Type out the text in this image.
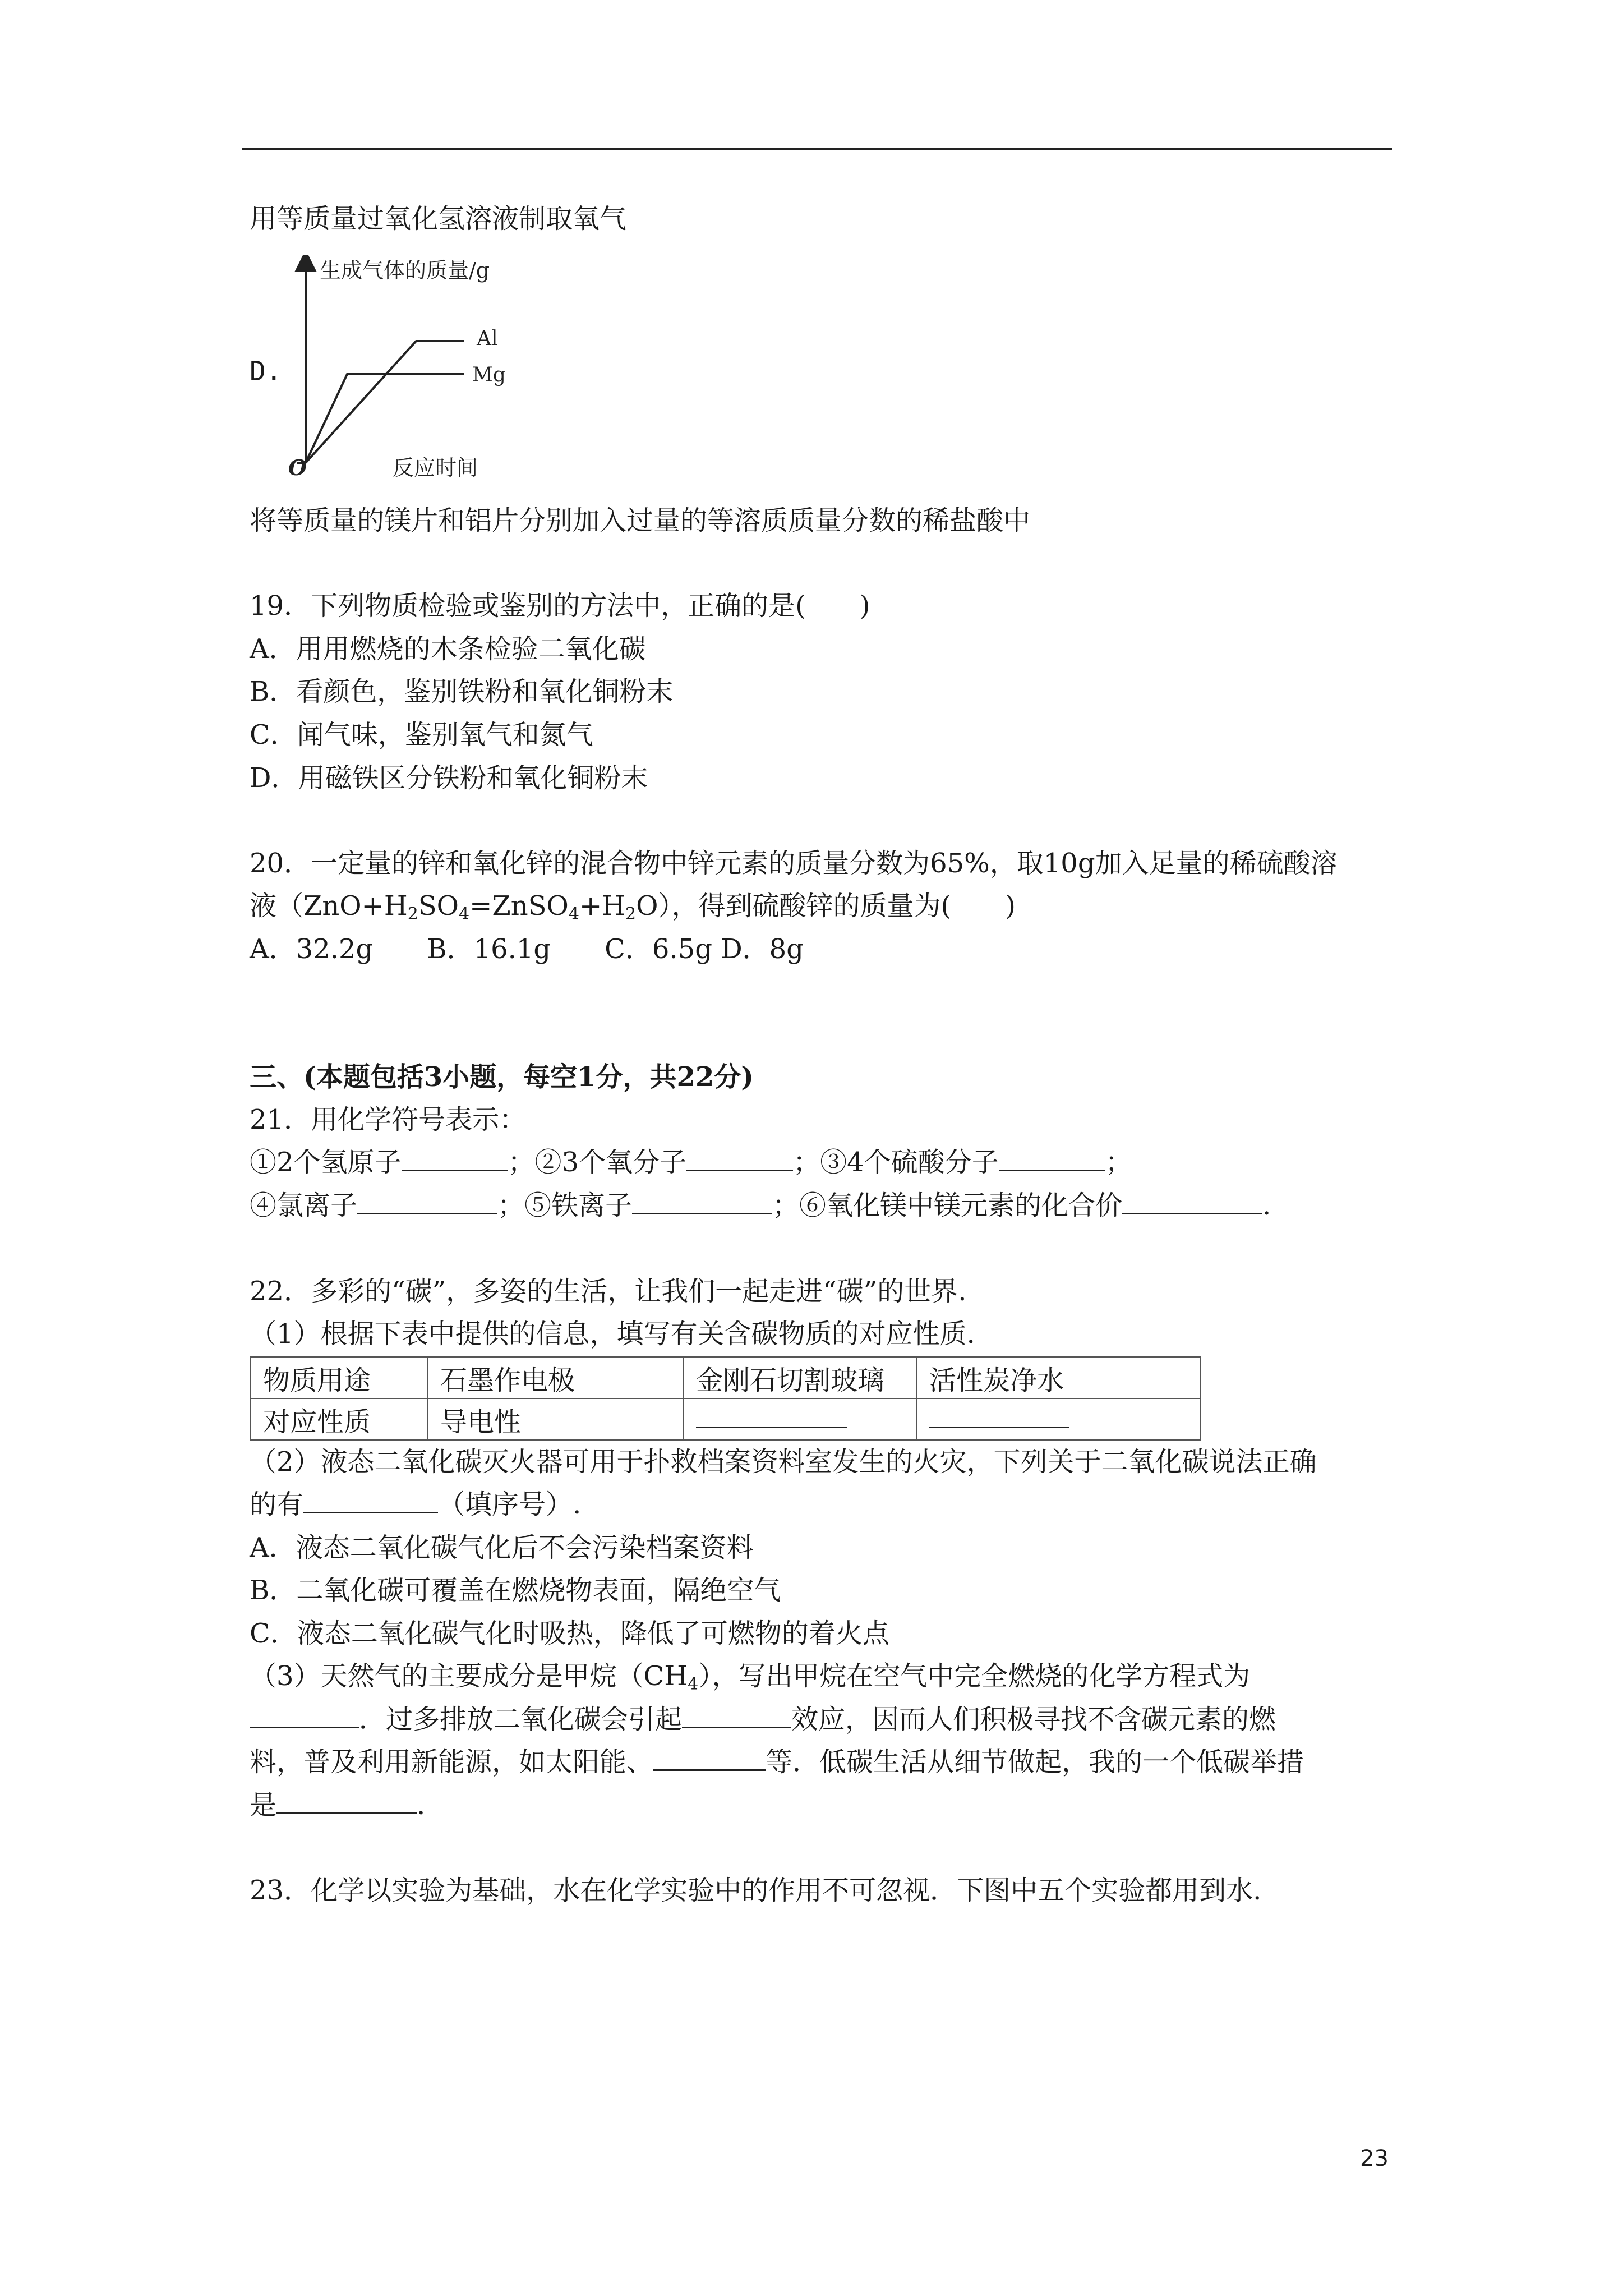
用等质量过氧化氢溶液制取氧气
D.
生成气体的质量/g
Al
Mg
O	反应时间
将等质量的镁片和铝片分别加入过量的等溶质质量分数的稀盐酸中
19．下列物质检验或鉴别的方法中，正确的是(　　)
A．用用燃烧的木条检验二氧化碳
B．看颜色，鉴别铁粉和氧化铜粉末
C．闻气味，鉴别氧气和氮气
D．用磁铁区分铁粉和氧化铜粉末
20．一定量的锌和氧化锌的混合物中锌元素的质量分数为65%，取10g加入足量的稀硫酸溶
液$(ZnO+H_2SO_4=ZnSO_4+H_2O)$，得到硫酸锌的质量为(　　)
A．32.2g　　B．16.1g　　C．6.5g D．8g
三、(本题包括3小题，每空1分，共22分)
21．用化学符号表示：
①2个氢原子	；②3个氧分子	；③4个硫酸分子	；
④氯离子	；⑤铁离子	；⑥氧化镁中镁元素的化合价	.
22．多彩的“碳”，多姿的生活，让我们一起走进“碳”的世界.
（1）根据下表中提供的信息，填写有关含碳物质的对应性质.
物质用途	石墨作电极	金刚石切割玻璃	活性炭净水
对应性质	导电性		
（2）液态二氧化碳灭火器可用于扑救档案资料室发生的火灾，下列关于二氧化碳说法正确
的有	（填序号）.
A．液态二氧化碳气化后不会污染档案资料
B．二氧化碳可覆盖在燃烧物表面，隔绝空气
C．液态二氧化碳气化时吸热，降低了可燃物的着火点
（3）天然气的主要成分是甲烷$(CH_4)$，写出甲烷在空气中完全燃烧的化学方程式为
．过多排放二氧化碳会引起	效应，因而人们积极寻找不含碳元素的燃
料，普及利用新能源，如太阳能、	等．低碳生活从细节做起，我的一个低碳举措
是	.
23．化学以实验为基础，水在化学实验中的作用不可忽视．下图中五个实验都用到水.
23
